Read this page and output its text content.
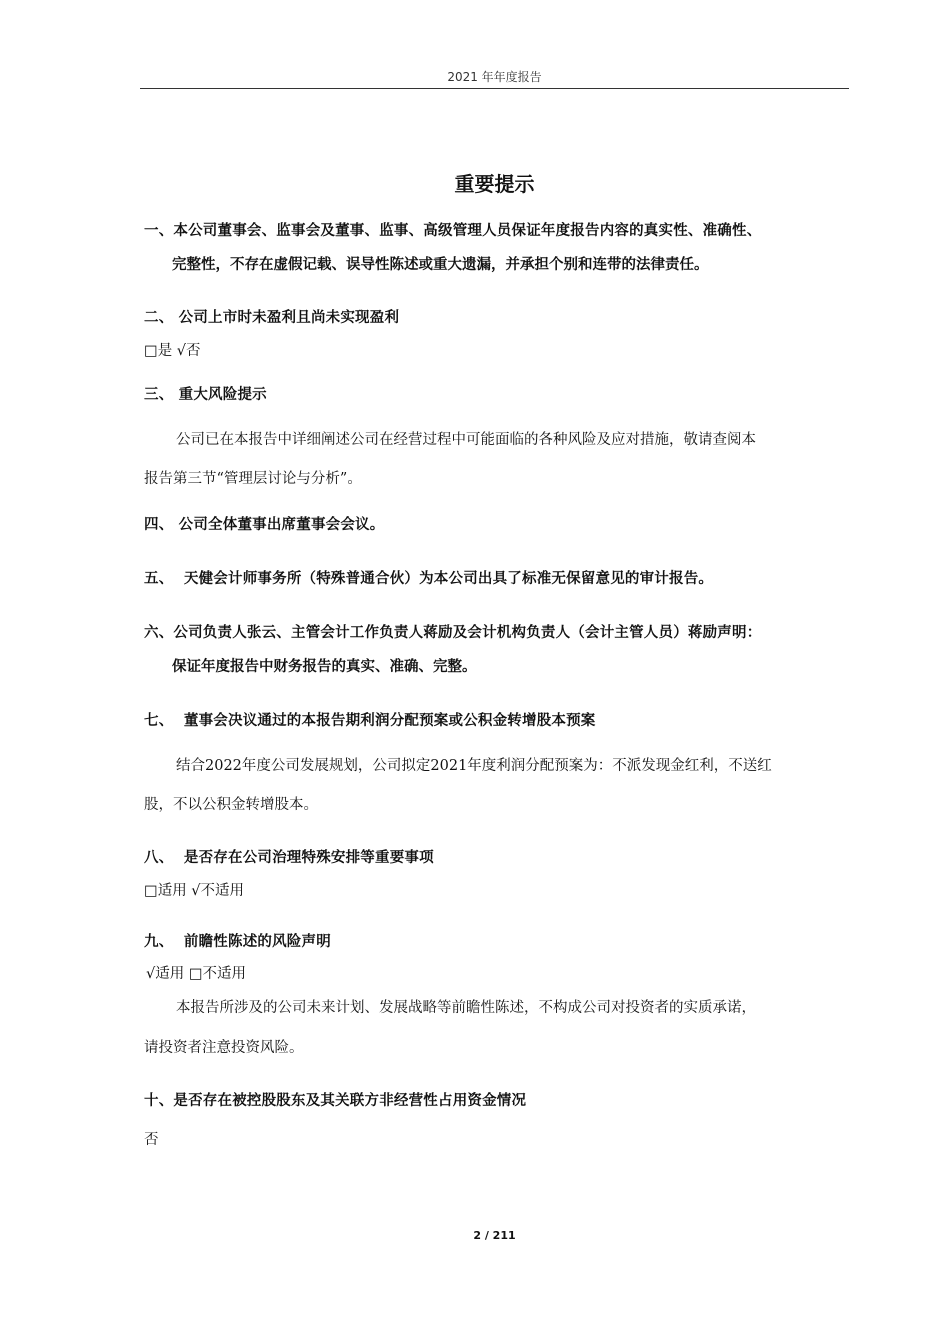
2021 年年度报告
重要提示
一、本公司董事会、监事会及董事、监事、高级管理人员保证年度报告内容的真实性、准确性、
完整性，不存在虚假记载、误导性陈述或重大遗漏，并承担个别和连带的法律责任。
二、 公司上市时未盈利且尚未实现盈利
□是 √否
三、 重大风险提示
公司已在本报告中详细阐述公司在经营过程中可能面临的各种风险及应对措施，敬请查阅本
报告第三节“管理层讨论与分析”。
四、 公司全体董事出席董事会会议。
五、 天健会计师事务所（特殊普通合伙）为本公司出具了标准无保留意见的审计报告。
六、公司负责人张云、主管会计工作负责人蒋励及会计机构负责人（会计主管人员）蒋励声明：
保证年度报告中财务报告的真实、准确、完整。
七、 董事会决议通过的本报告期利润分配预案或公积金转增股本预案
结合2022年度公司发展规划，公司拟定2021年度利润分配预案为：不派发现金红利，不送红
股，不以公积金转增股本。
八、 是否存在公司治理特殊安排等重要事项
□适用 √不适用
九、 前瞻性陈述的风险声明
√适用 □不适用
本报告所涉及的公司未来计划、发展战略等前瞻性陈述，不构成公司对投资者的实质承诺，
请投资者注意投资风险。
十、是否存在被控股股东及其关联方非经营性占用资金情况
否
2 / 211
